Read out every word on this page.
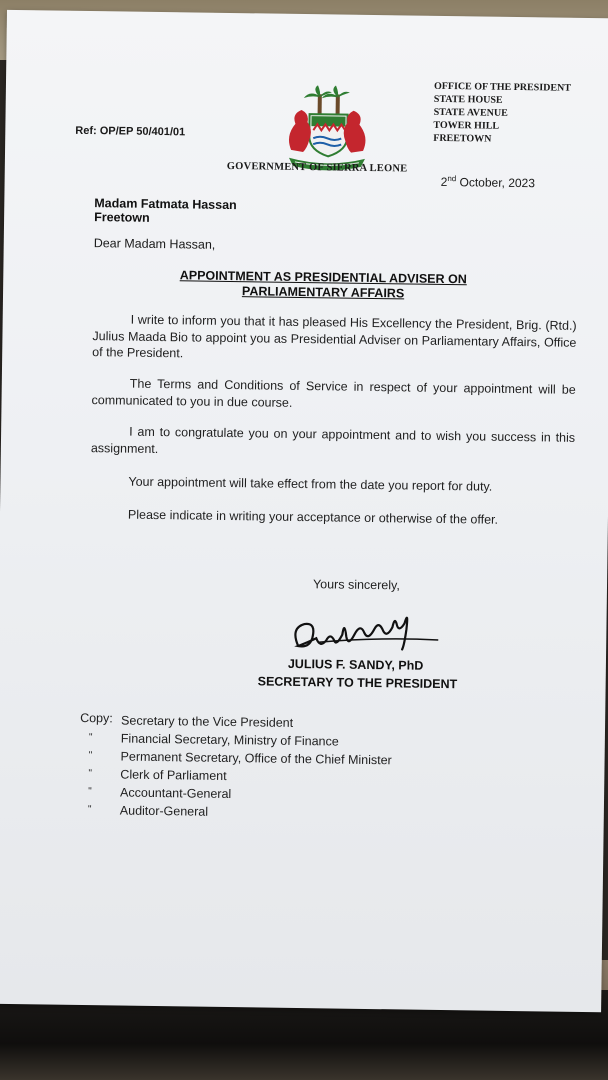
Ref: OP/EP 50/401/01
GOVERNMENT OF SIERRA LEONE
OFFICE OF THE PRESIDENT
STATE HOUSE
STATE AVENUE
TOWER HILL
FREETOWN
2nd October, 2023
Madam Fatmata Hassan
Freetown
Dear Madam Hassan,
APPOINTMENT AS PRESIDENTIAL ADVISER ON PARLIAMENTARY AFFAIRS
I write to inform you that it has pleased His Excellency the President, Brig. (Rtd.) Julius Maada Bio to appoint you as Presidential Adviser on Parliamentary Affairs, Office of the President.
The Terms and Conditions of Service in respect of your appointment will be communicated to you in due course.
I am to congratulate you on your appointment and to wish you success in this assignment.
Your appointment will take effect from the date you report for duty.
Please indicate in writing your acceptance or otherwise of the offer.
Yours sincerely,
JULIUS F. SANDY, PhD
SECRETARY TO THE PRESIDENT
Copy: Secretary to the Vice President
"	Financial Secretary, Ministry of Finance
"	Permanent Secretary, Office of the Chief Minister
"	Clerk of Parliament
"	Accountant-General
"	Auditor-General
